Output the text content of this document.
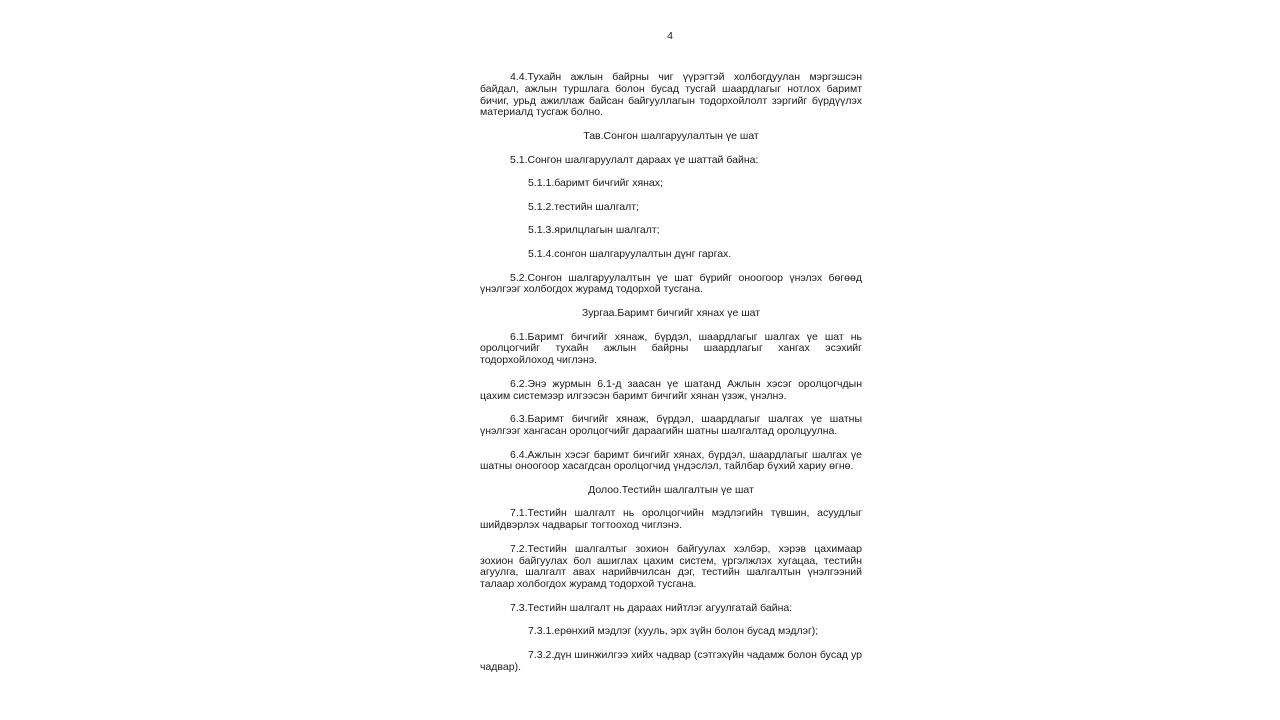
4

4.4.Тухайн ажлын байрны чиг үүрэгтэй холбогдуулан мэргэшсэн байдал, ажлын туршлага болон бусад тусгай шаардлагыг нотлох баримт бичиг, урьд ажиллаж байсан байгууллагын тодорхойлолт зэргийг бүрдүүлэх материалд тусгаж болно.

Тав.Сонгон шалгаруулалтын үе шат

5.1.Сонгон шалгаруулалт дараах үе шаттай байна:

5.1.1.баримт бичгийг хянах;

5.1.2.тестийн шалгалт;

5.1.3.ярилцлагын шалгалт;

5.1.4.сонгон шалгаруулалтын дүнг гаргах.

5.2.Сонгон шалгаруулалтын үе шат бүрийг оноогоор үнэлэх бөгөөд үнэлгээг холбогдох журамд тодорхой тусгана.

Зургаа.Баримт бичгийг хянах үе шат

6.1.Баримт бичгийг хянаж, бүрдэл, шаардлагыг шалгах үе шат нь оролцогчийг тухайн ажлын байрны шаардлагыг хангах эсэхийг тодорхойлоход чиглэнэ.

6.2.Энэ журмын 6.1-д заасан үе шатанд Ажлын хэсэг оролцогчдын цахим системээр илгээсэн баримт бичгийг хянан үзэж, үнэлнэ.

6.3.Баримт бичгийг хянаж, бүрдэл, шаардлагыг шалгах үе шатны үнэлгээг хангасан оролцогчийг дараагийн шатны шалгалтад оролцуулна.

6.4.Ажлын хэсэг баримт бичгийг хянах, бүрдэл, шаардлагыг шалгах үе шатны оноогоор хасагдсан оролцогчид үндэслэл, тайлбар бүхий хариу өгнө.

Долоо.Тестийн шалгалтын үе шат

7.1.Тестийн шалгалт нь оролцогчийн мэдлэгийн түвшин, асуудлыг шийдвэрлэх чадварыг тогтооход чиглэнэ.

7.2.Тестийн шалгалтыг зохион байгуулах хэлбэр, хэрэв цахимаар зохион байгуулах бол ашиглах цахим систем, үргэлжлэх хугацаа, тестийн агуулга, шалгалт авах нарийвчилсан дэг, тестийн шалгалтын үнэлгээний талаар холбогдох журамд тодорхой тусгана.

7.3.Тестийн шалгалт нь дараах нийтлэг агуулгатай байна:

7.3.1.ерөнхий мэдлэг (хууль, эрх зүйн болон бусад мэдлэг);

7.3.2.дүн шинжилгээ хийх чадвар (сэтгэхүйн чадамж болон бусад ур чадвар).
